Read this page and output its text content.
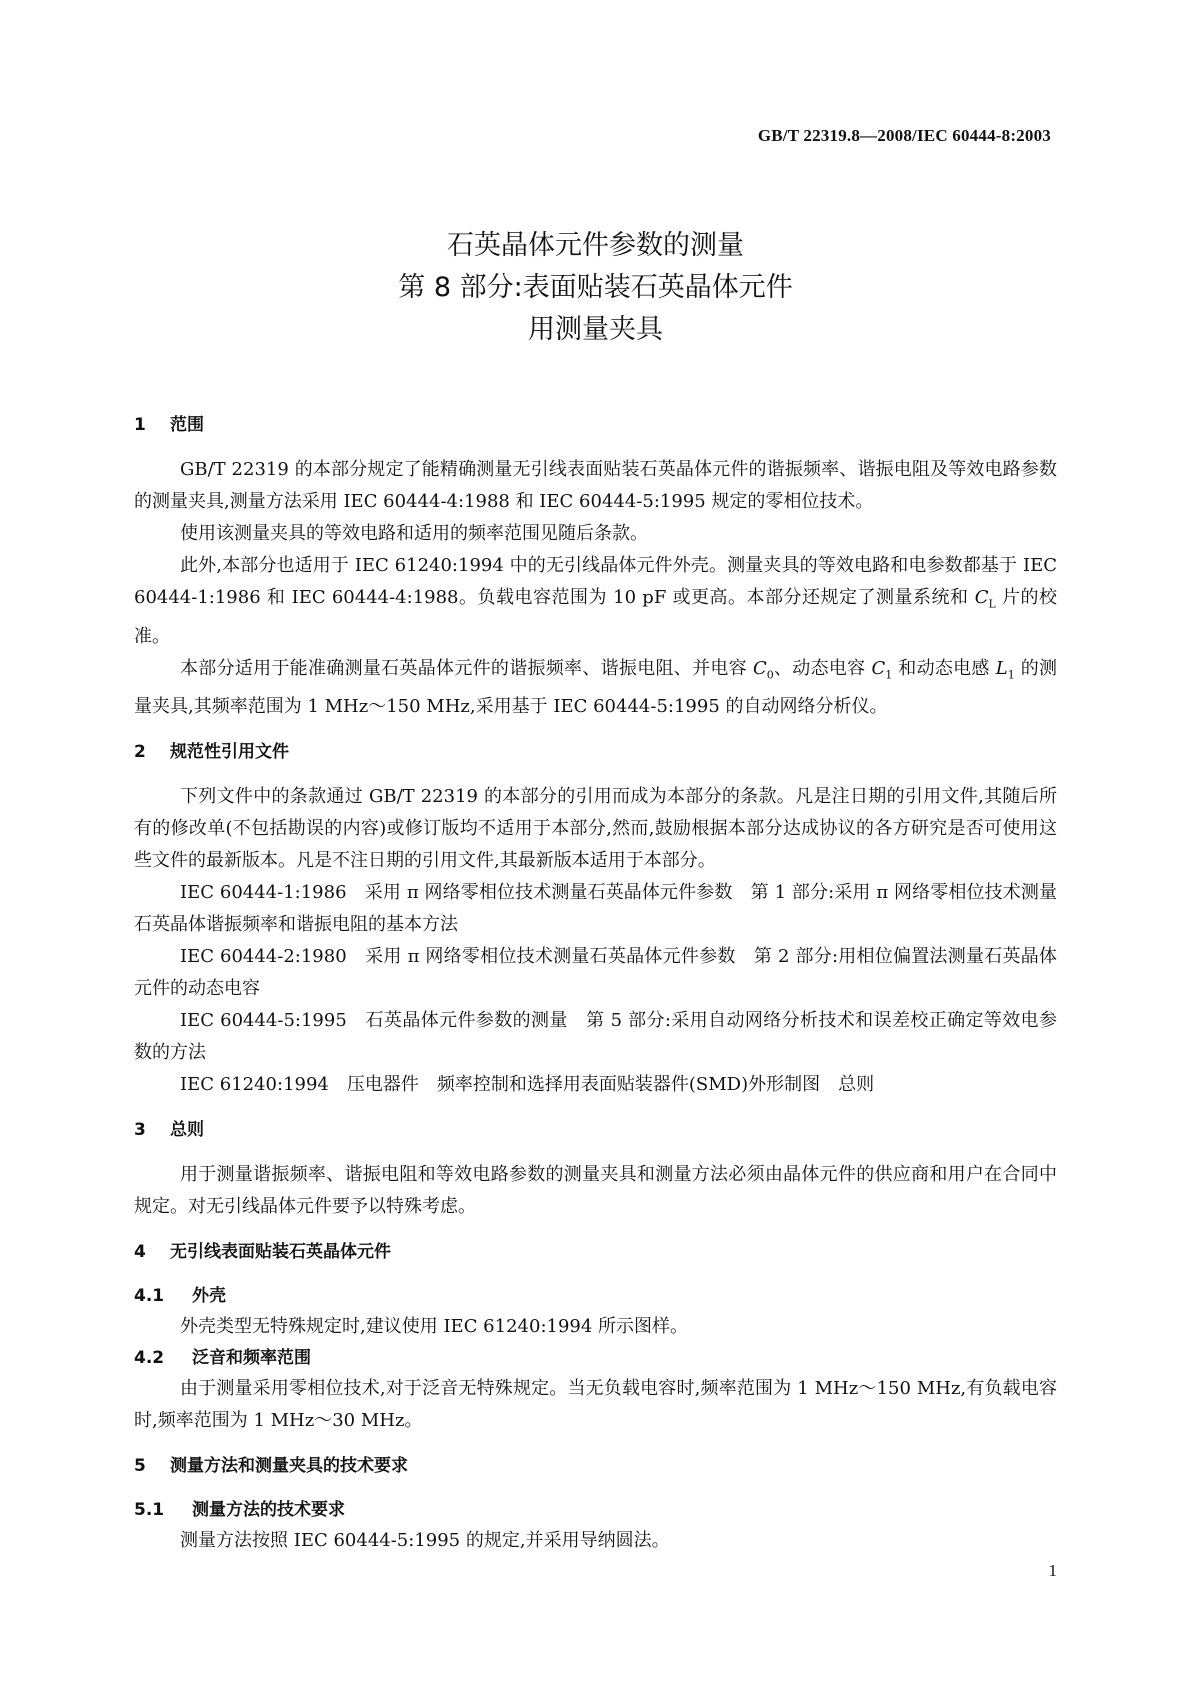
GB/T 22319.8—2008/IEC 60444-8:2003
石英晶体元件参数的测量
第 8 部分:表面贴装石英晶体元件
用测量夹具
1 范围

GB/T 22319 的本部分规定了能精确测量无引线表面贴装石英晶体元件的谐振频率、谐振电阻及等效电路参数的测量夹具,测量方法采用 IEC 60444-4:1988 和 IEC 60444-5:1995 规定的零相位技术。

使用该测量夹具的等效电路和适用的频率范围见随后条款。

此外,本部分也适用于 IEC 61240:1994 中的无引线晶体元件外壳。测量夹具的等效电路和电参数都基于 IEC 60444-1:1986 和 IEC 60444-4:1988。负载电容范围为 10 pF 或更高。本部分还规定了测量系统和 $C_L$ 片的校准。

本部分适用于能准确测量石英晶体元件的谐振频率、谐振电阻、并电容 $C_0$、动态电容 $C_1$ 和动态电感 $L_1$ 的测量夹具,其频率范围为 1 MHz～150 MHz,采用基于 IEC 60444-5:1995 的自动网络分析仪。

2 规范性引用文件

下列文件中的条款通过 GB/T 22319 的本部分的引用而成为本部分的条款。凡是注日期的引用文件,其随后所有的修改单(不包括勘误的内容)或修订版均不适用于本部分,然而,鼓励根据本部分达成协议的各方研究是否可使用这些文件的最新版本。凡是不注日期的引用文件,其最新版本适用于本部分。

IEC 60444-1:1986　采用 π 网络零相位技术测量石英晶体元件参数　第 1 部分:采用 π 网络零相位技术测量石英晶体谐振频率和谐振电阻的基本方法

IEC 60444-2:1980　采用 π 网络零相位技术测量石英晶体元件参数　第 2 部分:用相位偏置法测量石英晶体元件的动态电容

IEC 60444-5:1995　石英晶体元件参数的测量　第 5 部分:采用自动网络分析技术和误差校正确定等效电参数的方法

IEC 61240:1994　压电器件　频率控制和选择用表面贴装器件(SMD)外形制图　总则

3 总则

用于测量谐振频率、谐振电阻和等效电路参数的测量夹具和测量方法必须由晶体元件的供应商和用户在合同中规定。对无引线晶体元件要予以特殊考虑。

4 无引线表面贴装石英晶体元件
4.1 外壳

外壳类型无特殊规定时,建议使用 IEC 61240:1994 所示图样。

4.2 泛音和频率范围

由于测量采用零相位技术,对于泛音无特殊规定。当无负载电容时,频率范围为 1 MHz～150 MHz,有负载电容时,频率范围为 1 MHz～30 MHz。

5 测量方法和测量夹具的技术要求
5.1 测量方法的技术要求

测量方法按照 IEC 60444-5:1995 的规定,并采用导纳圆法。

1
